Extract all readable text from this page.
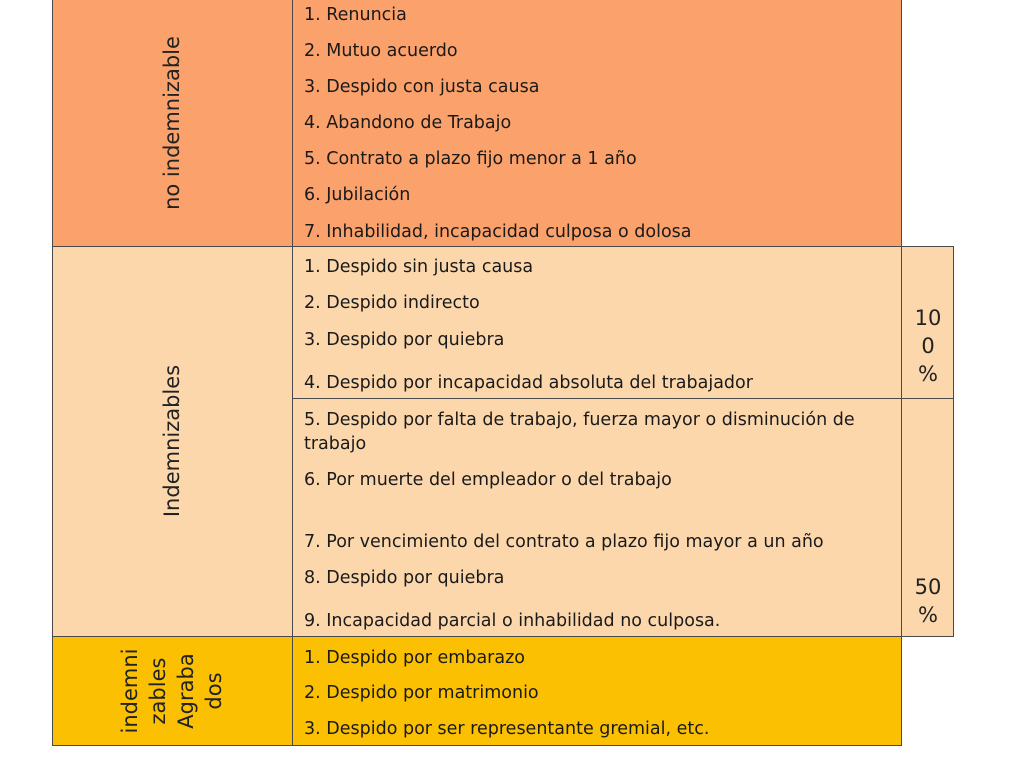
no indemnizable
Indemnizables
indemni zables Agraba dos
10
0
%
50
%
1. Renuncia
2. Mutuo acuerdo
3. Despido con justa causa
4. Abandono de Trabajo
5. Contrato a plazo fijo menor a 1 año
6. Jubilación
7. Inhabilidad, incapacidad culposa o dolosa
1. Despido sin justa causa
2. Despido indirecto
3. Despido por quiebra
4. Despido por incapacidad absoluta del trabajador
5. Despido por falta de trabajo, fuerza mayor o disminución de trabajo
6. Por muerte del empleador o del trabajo
7. Por vencimiento del contrato a plazo fijo mayor a un año
8. Despido por quiebra
9. Incapacidad parcial o inhabilidad no culposa.
1. Despido por embarazo
2. Despido por matrimonio
3. Despido por ser representante gremial, etc.
